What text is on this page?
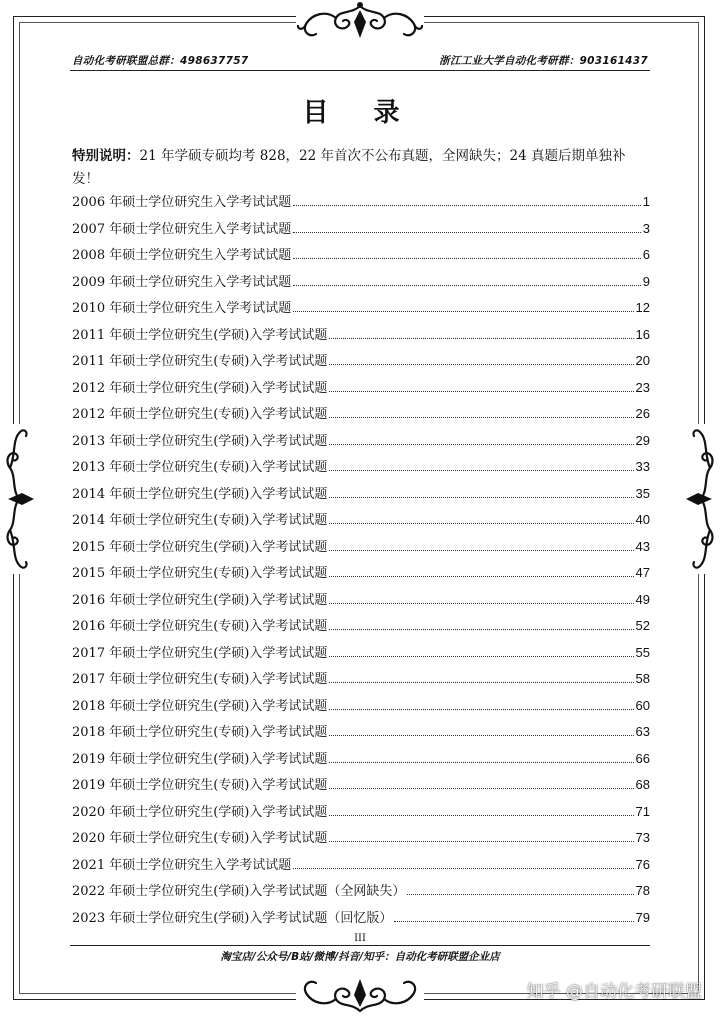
自动化考研联盟总群：498637757	浙江工业大学自动化考研群：903161437
目 录
特别说明：21 年学硕专硕均考 828，22 年首次不公布真题，全网缺失；24 真题后期单独补发！
2006 年硕士学位研究生入学考试试题	1
2007 年硕士学位研究生入学考试试题	3
2008 年硕士学位研究生入学考试试题	6
2009 年硕士学位研究生入学考试试题	9
2010 年硕士学位研究生入学考试试题	12
2011 年硕士学位研究生(学硕)入学考试试题	16
2011 年硕士学位研究生(专硕)入学考试试题	20
2012 年硕士学位研究生(学硕)入学考试试题	23
2012 年硕士学位研究生(专硕)入学考试试题	26
2013 年硕士学位研究生(学硕)入学考试试题	29
2013 年硕士学位研究生(专硕)入学考试试题	33
2014 年硕士学位研究生(学硕)入学考试试题	35
2014 年硕士学位研究生(专硕)入学考试试题	40
2015 年硕士学位研究生(学硕)入学考试试题	43
2015 年硕士学位研究生(专硕)入学考试试题	47
2016 年硕士学位研究生(学硕)入学考试试题	49
2016 年硕士学位研究生(专硕)入学考试试题	52
2017 年硕士学位研究生(学硕)入学考试试题	55
2017 年硕士学位研究生(专硕)入学考试试题	58
2018 年硕士学位研究生(学硕)入学考试试题	60
2018 年硕士学位研究生(专硕)入学考试试题	63
2019 年硕士学位研究生(学硕)入学考试试题	66
2019 年硕士学位研究生(专硕)入学考试试题	68
2020 年硕士学位研究生(学硕)入学考试试题	71
2020 年硕士学位研究生(专硕)入学考试试题	73
2021 年硕士学位研究生入学考试试题	76
2022 年硕士学位研究生(学硕)入学考试试题（全网缺失）	78
2023 年硕士学位研究生(学硕)入学考试试题（回忆版）	79
III
淘宝店/公众号/B站/微博/抖音/知乎：自动化考研联盟企业店
知乎 @自动化考研联盟
